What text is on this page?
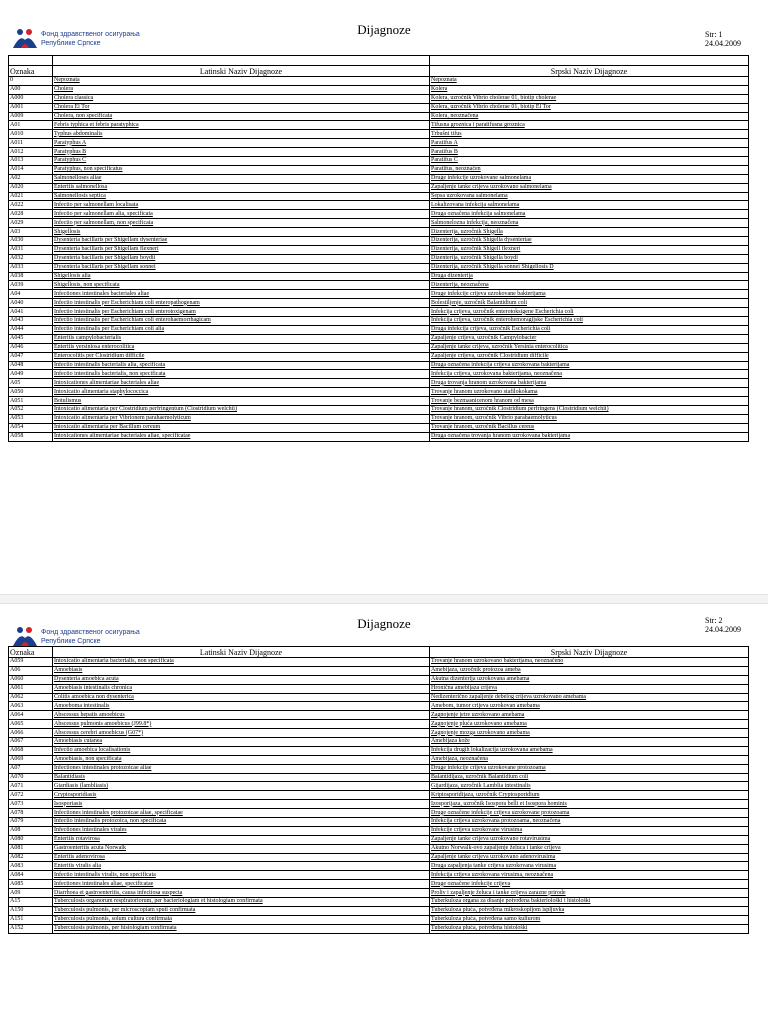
Фонд здравственог осигурања
Републике Српске
Dijagnoze	Str: 1
24.04.2009

Oznaka	Latinski Naziv Dijagnoze	Srpski Naziv Dijagnoze
0	Nepoznata	Nepoznata
A00	Cholera	Kolera
A000	Cholera classica	Kolera, uzročnik Vibrio cholerae 01, biotip cholerae
A001	Cholera El Tor	Kolera, uzročnik Vibrio cholerae 01, biotip El Tor
A009	Cholera, non specificata	Kolera, neoznačena
A01	Febris typhica et febris paratyphica	Tifusna groznica i paratifusna groznica
A010	Typhus abdominalis	Trbušni tifus
A011	Paratyphus A	Paratifus A
A012	Paratyphus B	Paratifus B
A013	Paratyphus C	Paratifus C
A014	Paratyphus, non specificatus	Paratifus, neoznačen
A02	Salmonelloses aliae	Druge infekcije uzrokovane salmonelama
A020	Enteritis salmonellosa	Zapaljenje tanke crijeva uzrokovano salmonelama
A021	Salmonellosis septica	Sepsa uzrokovana salmonelama
A022	Infectio per salmonellam localisata	Lokalizovana infekcija salmonelama
A028	Infectio per salmonellam alia, specificata	Druga označena infekcija salmonelama
A029	Infectio per salmonellam, non specificata	Salmonelozna infekcija, neoznačena
A03	Shigellosis	Dizenterija, uzročnik Shigella
A030	Dysenteria bacillaris per Shigellam dysenteriae	Dizenterija, uzročnik Shigella dysenteriae
A031	Dysenteria bacillaris per Shigellam flexneri	Dizenterija, uzročnik Shigell flexneri
A032	Dysenteria bacillaris per Shigellam boydii	Dizenterija, uzročnik Shigella boydi
A033	Dysenteria bacillaris per Shigellam sonnei	Dizenterija, uzročnik Shigella sonnei Shigellosis D
A038	Shigellosis alia	Druga dizenterija
A039	Shigellosis, non specificata	Dizenterija, neoznačena
A04	Infectiones intestinales bacteriales aliae	Druge infekcije crijeva uzrokovane bakterijama
A040	Infectio intestinalis per Escherichiam coli enteropathogenam	Bolestiljenje, uzročnik Balantidium coli
A041	Infectio intestinalis per Escherichiam coli enterotoxigenam	Infekcija crijeva, uzročnik enterotoksigene Escherichia coli
A043	Infectio intestinalis per Escherichiam coli enterohaemorrhagicam	Infekcija crijeva, uzročnik enterohemoragijske Escherichia coli
A044	Infectio intestinalis per Escherichiam coli alia	Druga infekcija crijeva, uzročnik Escherichia coli
A045	Enteritis campylobacterialis	Zapaljenje crijeva, uzročnik Campylobacter
A046	Enteritis yersiniosa enterocolitica	Zapaljenje tanke crijeva, uzročnik Yersinia enterocolitica
A047	Enterocolitis per Clostridium difficile	Zapaljenje crijeva, uzročnik Clostridium difficile
A048	Infectio intestinalis bacterialis alia, specificata	Druga označena infekcija crijeva uzrokovana bakterijama
A049	Infectio intestinalis bacterialis, non specificata	Infekcija crijeva, uzrokovana bakterijama, neoznačena
A05	Intoxicationes alimentariae bacteriales aliae	Druga trovanja hranom uzrokovana bakterijama
A050	Intoxicatio alimentaria staphylococcica	Trovanje hranom uzrokovano stafilokokama
A051	Botulismus	Trovanje bezmasnicenom hranom od mesa
A052	Intoxicatio alimentaria per Clostridium perfringentum (Clostridium welchii)	Trovanje hranom, uzročnik Clostridium perfringens (Clostridium welchii)
A053	Intoxicatio alimentaria per Vibrionem parahaemolyticum	Trovanje hranom, uzročnik Vibrio parahaemolyticus
A054	Intoxicatio alimentaria per Bacillum cereum	Trovanje hranom, uzročnik Bacillus cereus
A058	Intoxicationes alimentariae bacteriales aliae, specificatae	Druga označena trovanja hranom uzrokovana bakterijama
Фонд здравственог осигурања
Републике Српске
Dijagnoze	Str: 2
24.04.2009
Oznaka	Latinski Naziv Dijagnoze	Srpski Naziv Dijagnoze
A059	Intoxicatio alimentaria bacterialis, non specificata	Trovanje hranom uzrokovano bakterijama, neoznačeno
A06	Amoebiasis	Amebijaza, uzročnik protozoa ameba
A060	Dysenteria amoebica acuta	Akutna dizenterija uzrokovana amebama
A061	Amoebiasis intestinalis chronica	Hronična amebijaza crijeva
A062	Colitis amoebica non dysenterica	Nedizenterično zapaljenje debelog crijeva uzrokovano amebama
A063	Amoeboma intestinalis	Amebom, tumor crijeva uzrokovan amebama
A064	Abscessus hepatis amoebicus	Zagnojenje jetre uzrokovano amebama
A065	Abscessus pulmonis amoebicus (J99.8*)	Zagnojenje pluća uzrokovano amebama
A066	Abscessus cerebri amoebicus (G07*)	Zagnojenje mozga uzrokovano amebama
A067	Amoebiasis cutanea	Amebijaza kože
A068	Infectio amoebica localisationis	Infekcija drugih lokalizacija uzrokovana amebama
A069	Amoebiasis, non specificata	Amebijaza, neoznačena
A07	Infectiones intestinales protozoicae aliae	Druge infekcije crijeva uzrokovane protozoama
A070	Balantidiasis	Balantidijaza, uzročnik Balantidium coli
A071	Giardiasis (lambliasis)	Gijardijaza, uzročnik Lamblia intestinalis
A072	Cryptosporidiasis	Kriptosporidijaza, uzročnik Cryptosporidium
A073	Isosporiasis	Izosporijaza, uzročnik Isospora belli et Isospora hominis
A078	Infectiones intestinales protozoicae aliae, specificatae	Druge označene infekcije crijeva uzrokovane protozoama
A079	Infectio intestinalis protozoica, non specificata	Infekcija crijeva uzrokovana protozoama, neoznačena
A08	Infectiones intestinales virales	Infekcije crijeva uzrokovane virusima
A080	Enteritis rotavirosa	Zapaljenje tanke crijeva uzrokovano rotavirusima
A081	Gastroenteritis acuta Norwalk	Akutno Norwalk-ovo zapaljenje želuca i tanke crijeva
A082	Enteritis adenovirosa	Zapaljenje tanke crijeva uzrokovano adenovirusima
A083	Enteritis viralis alia	Druga zapaljenja tanke crijeva uzrokovana virusima
A084	Infectio intestinalis viralis, non specificata	Infekcija crijeva uzrokovana virusima, neoznačena
A085	Infectiones intestinales aliae, specificatae	Druge označene infekcije crijeva
A09	Diarrhoea et gastroenteritis, causa infectiosa suspecta	Proliv i zapaljenje želuca i tanke crijeva zarazne prirode
A15	Tuberculosis organorum respiratoriorum, per bacteriologiam et histologiam confirmata	Tuberkuloza organa za disanje potvrđena bakteriološki i histološki
A150	Tuberculosis pulmonis, per microscopiam sputi confirmata	Tuberkuloza pluća, potvrđena mikroskopijom ispljuvka
A151	Tuberculosis pulmonis, solum cultura confirmata	Tuberkuloza pluća, potvrđena samo kulturom
A152	Tuberculosis pulmonis, per histologiam confirmata	Tuberkuloza pluća, potvrđena histološki
